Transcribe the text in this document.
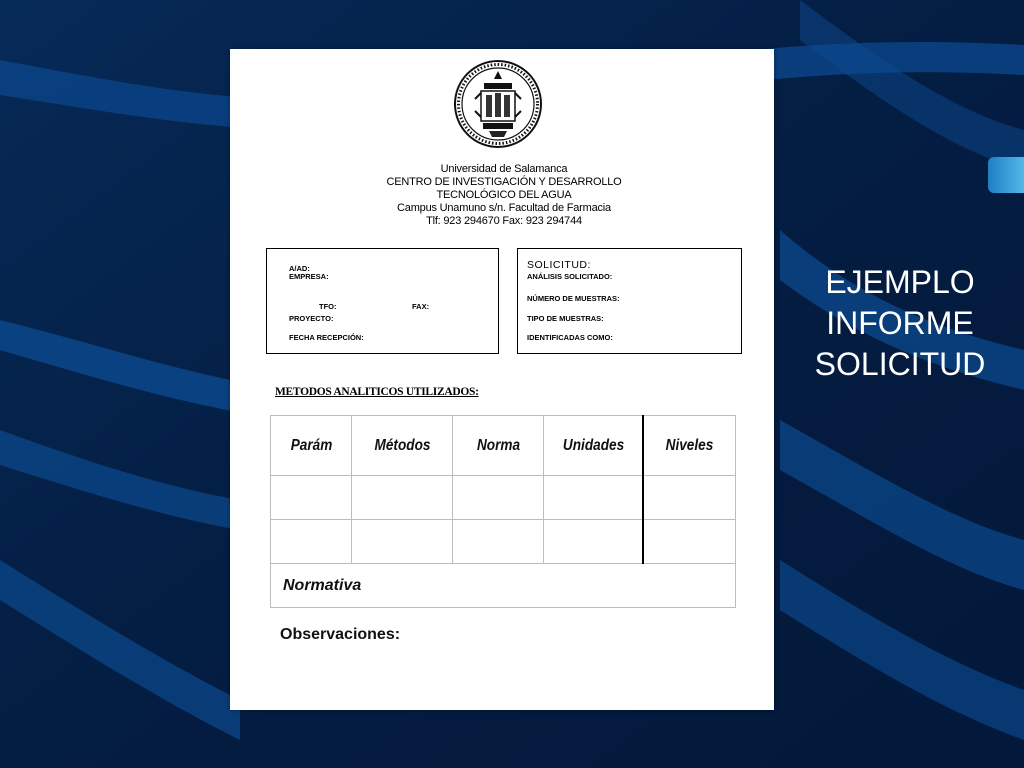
EJEMPLO
INFORME
SOLICITUD
Universidad de Salamanca
CENTRO DE INVESTIGACIÓN Y DESARROLLO
TECNOLÓGICO DEL AGUA
Campus Unamuno s/n. Facultad de Farmacia
Tlf: 923 294670 Fax: 923 294744
A/AD:
EMPRESA:
TFO:	FAX:
PROYECTO:
FECHA RECEPCIÓN:
SOLICITUD:
ANÁLISIS SOLICITADO:
NÚMERO DE MUESTRAS:
TIPO DE MUESTRAS:
IDENTIFICADAS COMO:
METODOS ANALITICOS UTILIZADOS:
Parám	Métodos	Norma	Unidades	Niveles

Normativa				
Observaciones:
